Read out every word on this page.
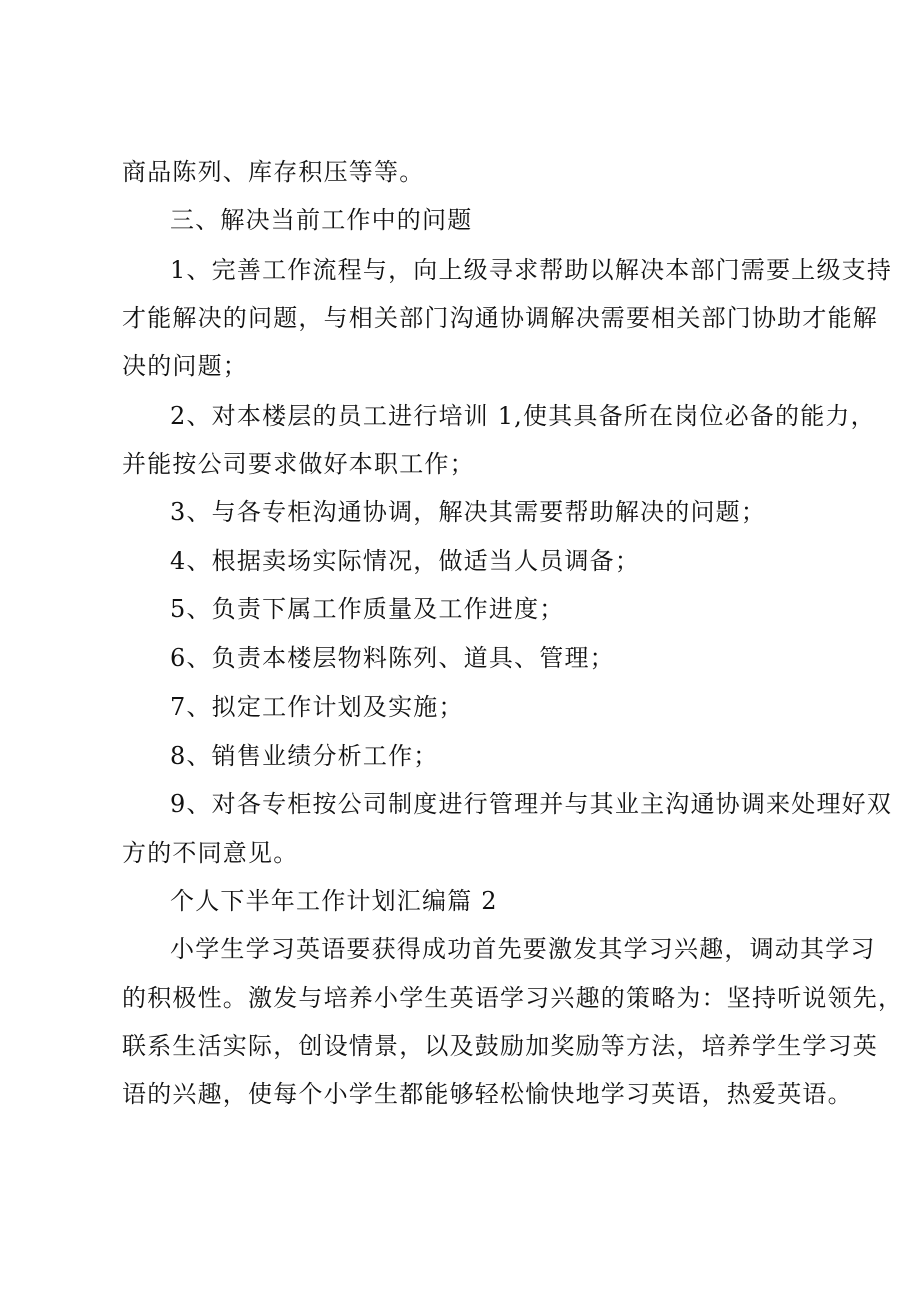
商品陈列、库存积压等等。
三、解决当前工作中的问题
1、完善工作流程与，向上级寻求帮助以解决本部门需要上级支持
才能解决的问题，与相关部门沟通协调解决需要相关部门协助才能解
决的问题；
2、对本楼层的员工进行培训 1,使其具备所在岗位必备的能力，
并能按公司要求做好本职工作；
3、与各专柜沟通协调，解决其需要帮助解决的问题；
4、根据卖场实际情况，做适当人员调备；
5、负责下属工作质量及工作进度；
6、负责本楼层物料陈列、道具、管理；
7、拟定工作计划及实施；
8、销售业绩分析工作；
9、对各专柜按公司制度进行管理并与其业主沟通协调来处理好双
方的不同意见。
个人下半年工作计划汇编篇 2
小学生学习英语要获得成功首先要激发其学习兴趣，调动其学习
的积极性。激发与培养小学生英语学习兴趣的策略为：坚持听说领先，
联系生活实际，创设情景，以及鼓励加奖励等方法，培养学生学习英
语的兴趣，使每个小学生都能够轻松愉快地学习英语，热爱英语。
